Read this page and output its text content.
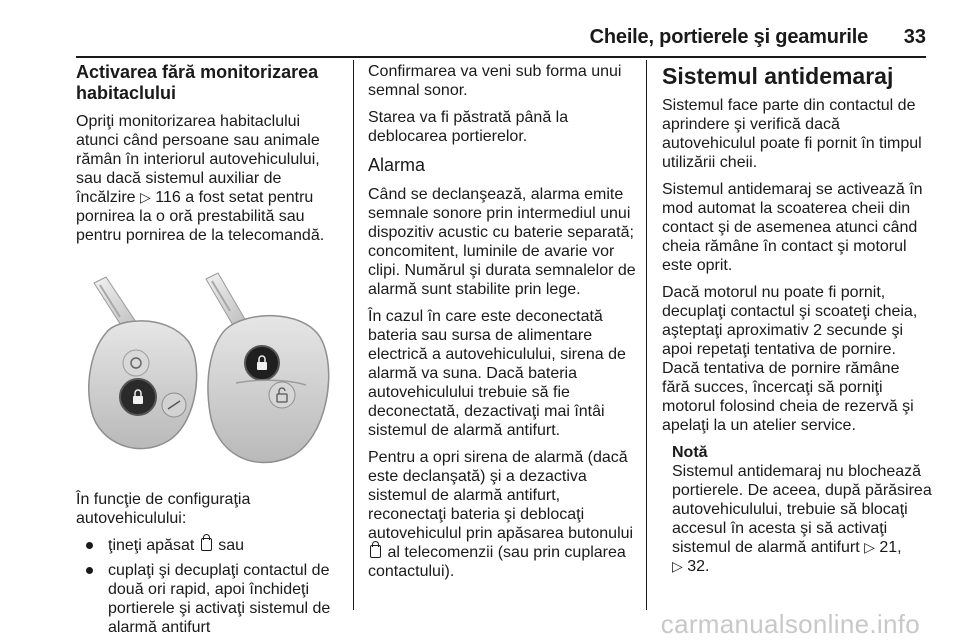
Cheile, portierele şi geamurile 33
Activarea fără monitorizarea
habitaclului

Opriţi monitorizarea habitaclului
atunci când persoane sau animale
rămân în interiorul autovehiculului,
sau dacă sistemul auxiliar de
încălzire ▷ 116 a fost setat pentru
pornirea la o oră prestabilită sau
pentru pornirea de la telecomandă.

În funcţie de configuraţia
autovehiculului:

ţineţi apăsat sau
cuplaţi şi decuplaţi contactul de
două ori rapid, apoi închideţi
portierele şi activaţi sistemul de
alarmă antifurt

Confirmarea va veni sub forma unui
semnal sonor.

Starea va fi păstrată până la
deblocarea portierelor.

Alarma

Când se declanşează, alarma emite
semnale sonore prin intermediul unui
dispozitiv acustic cu baterie separată;
concomitent, luminile de avarie vor
clipi. Numărul şi durata semnalelor de
alarmă sunt stabilite prin lege.

În cazul în care este deconectată
bateria sau sursa de alimentare
electrică a autovehiculului, sirena de
alarmă va suna. Dacă bateria
autovehiculului trebuie să fie
deconectată, dezactivaţi mai întâi
sistemul de alarmă antifurt.

Pentru a opri sirena de alarmă (dacă
este declanşată) şi a dezactiva
sistemul de alarmă antifurt,
reconectaţi bateria şi deblocaţi
autovehiculul prin apăsarea butonului
al telecomenzii (sau prin cuplarea
contactului).

Sistemul antidemaraj

Sistemul face parte din contactul de
aprindere şi verifică dacă
autovehiculul poate fi pornit în timpul
utilizării cheii.

Sistemul antidemaraj se activează în
mod automat la scoaterea cheii din
contact şi de asemenea atunci când
cheia rămâne în contact şi motorul
este oprit.

Dacă motorul nu poate fi pornit,
decuplaţi contactul şi scoateţi cheia,
aşteptaţi aproximativ 2 secunde şi
apoi repetaţi tentativa de pornire.
Dacă tentativa de pornire rămâne
fără succes, încercaţi să porniţi
motorul folosind cheia de rezervă şi
apelaţi la un atelier service.

Notă
Sistemul antidemaraj nu blochează
portierele. De aceea, după părăsirea
autovehiculului, trebuie să blocaţi
accesul în acesta şi să activaţi
sistemul de alarmă antifurt ▷ 21,
▷ 32.
carmanualsonline.info
